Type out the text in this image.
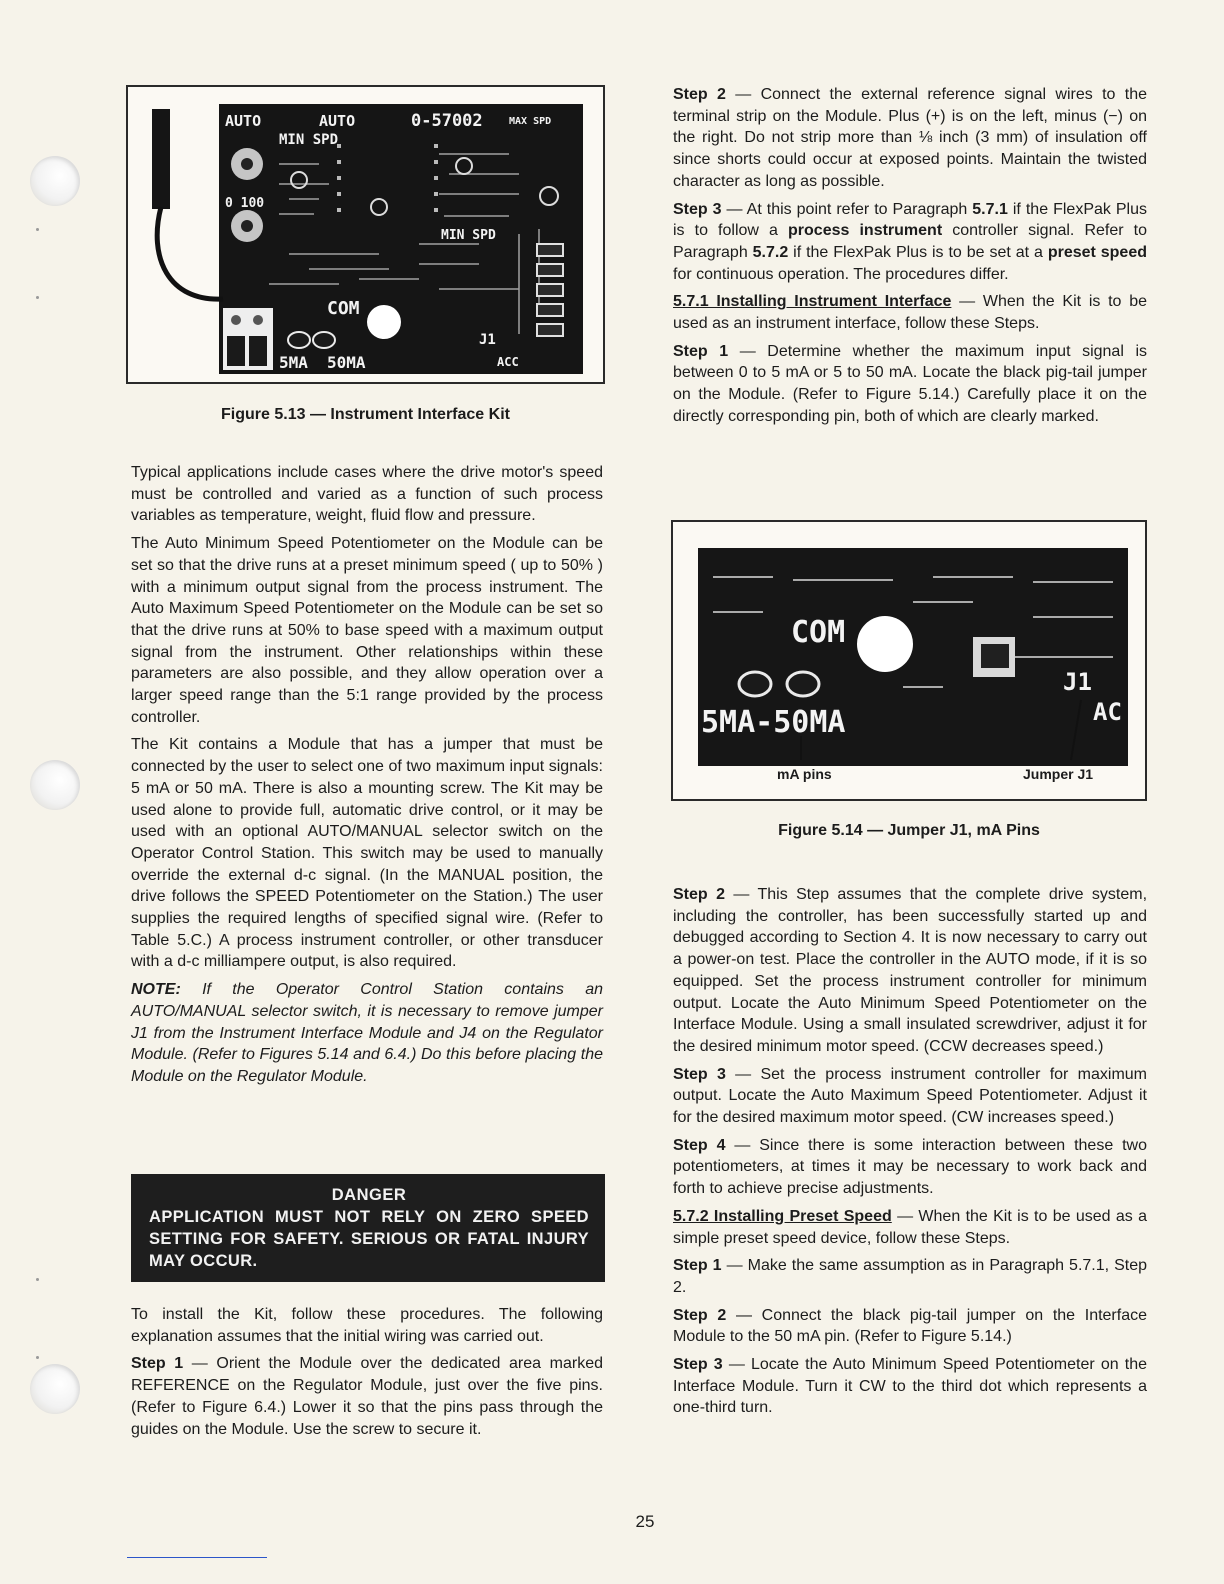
AUTO	AUTO	0-57002	MAX SPD
MIN SPD
0 100
MIN SPD
COM
J1
5MA 50MA	ACC
Figure 5.13 — Instrument Interface Kit

Typical applications include cases where the drive motor's speed must be controlled and varied as a function of such process variables as temperature, weight, fluid flow and pressure.

The Auto Minimum Speed Potentiometer on the Module can be set so that the drive runs at a preset minimum speed ( up to 50% ) with a minimum output signal from the process instrument. The Auto Maximum Speed Potentiometer on the Module can be set so that the drive runs at 50% to base speed with a maximum output signal from the instrument. Other relationships within these parameters are also possible, and they allow operation over a larger speed range than the 5:1 range provided by the process controller.

The Kit contains a Module that has a jumper that must be connected by the user to select one of two maximum input signals: 5 mA or 50 mA. There is also a mounting screw. The Kit may be used alone to provide full, automatic drive control, or it may be used with an optional AUTO/MANUAL selector switch on the Operator Control Station. This switch may be used to manually override the external d-c signal. (In the MANUAL position, the drive follows the SPEED Potentiometer on the Station.) The user supplies the required lengths of specified signal wire. (Refer to Table 5.C.) A process instrument controller, or other transducer with a d-c milliampere output, is also required.

NOTE: If the Operator Control Station contains an AUTO/MANUAL selector switch, it is necessary to remove jumper J1 from the Instrument Interface Module and J4 on the Regulator Module. (Refer to Figures 5.14 and 6.4.) Do this before placing the Module on the Regulator Module.

DANGER
APPLICATION MUST NOT RELY ON ZERO SPEED SETTING FOR SAFETY. SERIOUS OR FATAL INJURY MAY OCCUR.

To install the Kit, follow these procedures. The following explanation assumes that the initial wiring was carried out.

Step 1 — Orient the Module over the dedicated area marked REFERENCE on the Regulator Module, just over the five pins. (Refer to Figure 6.4.) Lower it so that the pins pass through the guides on the Module. Use the screw to secure it.

Step 2 — Connect the external reference signal wires to the terminal strip on the Module. Plus (+) is on the left, minus (−) on the right. Do not strip more than ⅛ inch (3 mm) of insulation off since shorts could occur at exposed points. Maintain the twisted character as long as possible.

Step 3 — At this point refer to Paragraph 5.7.1 if the FlexPak Plus is to follow a process instrument controller signal. Refer to Paragraph 5.7.2 if the FlexPak Plus is to be set at a preset speed for continuous operation. The procedures differ.

5.7.1 Installing Instrument Interface — When the Kit is to be used as an instrument interface, follow these Steps.

Step 1 — Determine whether the maximum input signal is between 0 to 5 mA or 5 to 50 mA. Locate the black pig-tail jumper on the Module. (Refer to Figure 5.14.) Carefully place it on the directly corresponding pin, both of which are clearly marked.

COM
5MA-50MA
J1
AC
mA pins	Jumper J1
Figure 5.14 — Jumper J1, mA Pins

Step 2 — This Step assumes that the complete drive system, including the controller, has been successfully started up and debugged according to Section 4. It is now necessary to carry out a power-on test. Place the controller in the AUTO mode, if it is so equipped. Set the process instrument controller for minimum output. Locate the Auto Minimum Speed Potentiometer on the Interface Module. Using a small insulated screwdriver, adjust it for the desired minimum motor speed. (CCW decreases speed.)

Step 3 — Set the process instrument controller for maximum output. Locate the Auto Maximum Speed Potentiometer. Adjust it for the desired maximum motor speed. (CW increases speed.)

Step 4 — Since there is some interaction between these two potentiometers, at times it may be necessary to work back and forth to achieve precise adjustments.

5.7.2 Installing Preset Speed — When the Kit is to be used as a simple preset speed device, follow these Steps.

Step 1 — Make the same assumption as in Paragraph 5.7.1, Step 2.

Step 2 — Connect the black pig-tail jumper on the Interface Module to the 50 mA pin. (Refer to Figure 5.14.)

Step 3 — Locate the Auto Minimum Speed Potentiometer on the Interface Module. Turn it CW to the third dot which represents a one-third turn.

25
